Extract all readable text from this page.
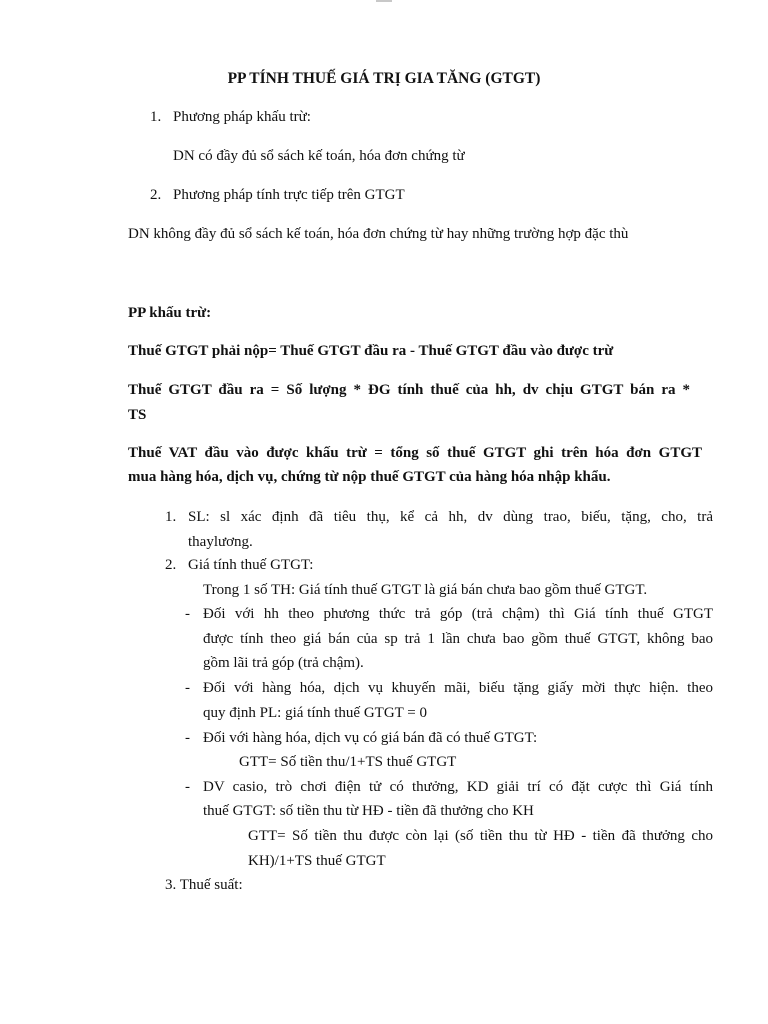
PP TÍNH THUẾ GIÁ TRỊ GIA TĂNG (GTGT)
1. Phương pháp khấu trừ:
DN có đầy đủ sổ sách kế toán, hóa đơn chứng từ
2. Phương pháp tính trực tiếp trên GTGT
DN không đầy đủ sổ sách kế toán, hóa đơn chứng từ hay những trường hợp đặc thù
PP khấu trừ:
Thuế GTGT phải nộp= Thuế GTGT đầu ra - Thuế GTGT đầu vào được trừ
Thuế GTGT đầu ra = Số lượng * ĐG tính thuế của hh, dv chịu GTGT bán ra *
TS
Thuế VAT đầu vào được khấu trừ = tổng số thuế GTGT ghi trên hóa đơn GTGT
mua hàng hóa, dịch vụ, chứng từ nộp thuế GTGT của hàng hóa nhập khẩu.
1. SL: sl xác định đã tiêu thụ, kể cả hh, dv dùng trao, biếu, tặng, cho, trả
thaylương.
2. Giá tính thuế GTGT:
Trong 1 số TH: Giá tính thuế GTGT là giá bán chưa bao gồm thuế GTGT.
- Đối với hh theo phương thức trả góp (trả chậm) thì Giá tính thuế GTGT
được tính theo giá bán của sp trả 1 lần chưa bao gồm thuế GTGT, không bao
gồm lãi trả góp (trả chậm).
- Đối với hàng hóa, dịch vụ khuyến mãi, biếu tặng giấy mời thực hiện. theo
quy định PL: giá tính thuế GTGT = 0
- Đối với hàng hóa, dịch vụ có giá bán đã có thuế GTGT:
GTT= Số tiền thu/1+TS thuế GTGT
- DV casio, trò chơi điện tử có thưởng, KD giải trí có đặt cược thì Giá tính
thuế GTGT: số tiền thu từ HĐ - tiền đã thưởng cho KH
GTT= Số tiền thu được còn lại (số tiền thu từ HĐ - tiền đã thưởng cho
KH)/1+TS thuế GTGT
3. Thuế suất:
